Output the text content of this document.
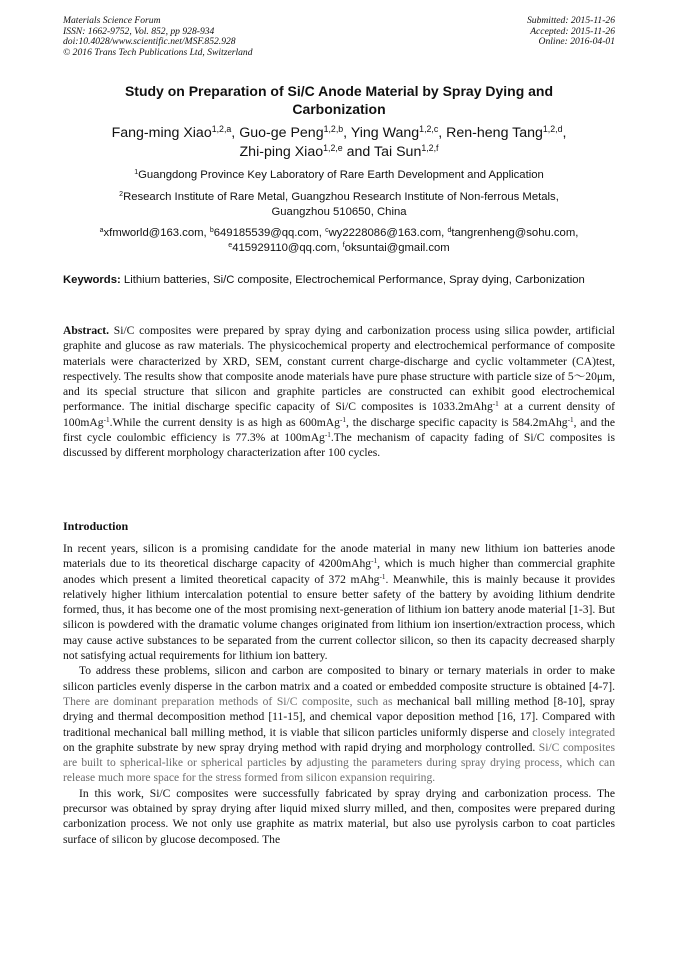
Materials Science Forum
ISSN: 1662-9752, Vol. 852, pp 928-934
doi:10.4028/www.scientific.net/MSF.852.928
© 2016 Trans Tech Publications Ltd, Switzerland
Submitted: 2015-11-26
Accepted: 2015-11-26
Online: 2016-04-01
Study on Preparation of Si/C Anode Material by Spray Dying and
Carbonization
Fang-ming Xiao$^{1,2,a}$, Guo-ge Peng$^{1,2,b}$, Ying Wang$^{1,2,c}$, Ren-heng Tang$^{1,2,d}$,
Zhi-ping Xiao$^{1,2,e}$ and Tai Sun$^{1,2,f}$
$^1$Guangdong Province Key Laboratory of Rare Earth Development and Application
$^2$Research Institute of Rare Metal, Guangzhou Research Institute of Non-ferrous Metals,
Guangzhou 510650, China
$^a$xfmworld@163.com, $^b$649185539@qq.com, $^c$wy2228086@163.com, $^d$tangrenheng@sohu.com,
$^e$415929110@qq.com, $^f$oksuntai@gmail.com
Keywords: Lithium batteries, Si/C composite, Electrochemical Performance, Spray dying, Carbonization
Abstract. Si/C composites were prepared by spray dying and carbonization process using silica powder, artificial graphite and glucose as raw materials. The physicochemical property and electrochemical performance of composite materials were characterized by XRD, SEM, constant current charge-discharge and cyclic voltammeter (CA)test, respectively. The results show that composite anode materials have pure phase structure with particle size of 5～20μm, and its special structure that silicon and graphite particles are constructed can exhibit good electrochemical performance. The initial discharge specific capacity of Si/C composites is 1033.2mAhg$^{-1}$ at a current density of 100mAg$^{-1}$.While the current density is as high as 600mAg$^{-1}$, the discharge specific capacity is 584.2mAhg$^{-1}$, and the first cycle coulombic efficiency is 77.3% at 100mAg$^{-1}$.The mechanism of capacity fading of Si/C composites is discussed by different morphology characterization after 100 cycles.
Introduction

In recent years, silicon is a promising candidate for the anode material in many new lithium ion batteries anode materials due to its theoretical discharge capacity of 4200mAhg$^{-1}$, which is much higher than commercial graphite anodes which present a limited theoretical capacity of 372 mAhg$^{-1}$. Meanwhile, this is mainly because it provides relatively higher lithium intercalation potential to ensure better safety of the battery by avoiding lithium dendrite formed, thus, it has become one of the most promising next-generation of lithium ion battery anode material [1-3]. But silicon is powdered with the dramatic volume changes originated from lithium ion insertion/extraction process, which may cause active substances to be separated from the current collector silicon, so then its capacity decreased sharply not satisfying actual requirements for lithium ion battery.

To address these problems, silicon and carbon are composited to binary or ternary materials in order to make silicon particles evenly disperse in the carbon matrix and a coated or embedded composite structure is obtained [4-7]. There are dominant preparation methods of Si/C composite, such as mechanical ball milling method [8-10], spray drying and thermal decomposition method [11-15], and chemical vapor deposition method [16, 17]. Compared with traditional mechanical ball milling method, it is viable that silicon particles uniformly disperse and closely integrated on the graphite substrate by new spray drying method with rapid drying and morphology controlled. Si/C composites are built to spherical-like or spherical particles by adjusting the parameters during spray drying process, which can release much more space for the stress formed from silicon expansion requiring.

In this work, Si/C composites were successfully fabricated by spray drying and carbonization process. The precursor was obtained by spray drying after liquid mixed slurry milled, and then, composites were prepared during carbonization process. We not only use graphite as matrix material, but also use pyrolysis carbon to coat particles surface of silicon by glucose decomposed. The
